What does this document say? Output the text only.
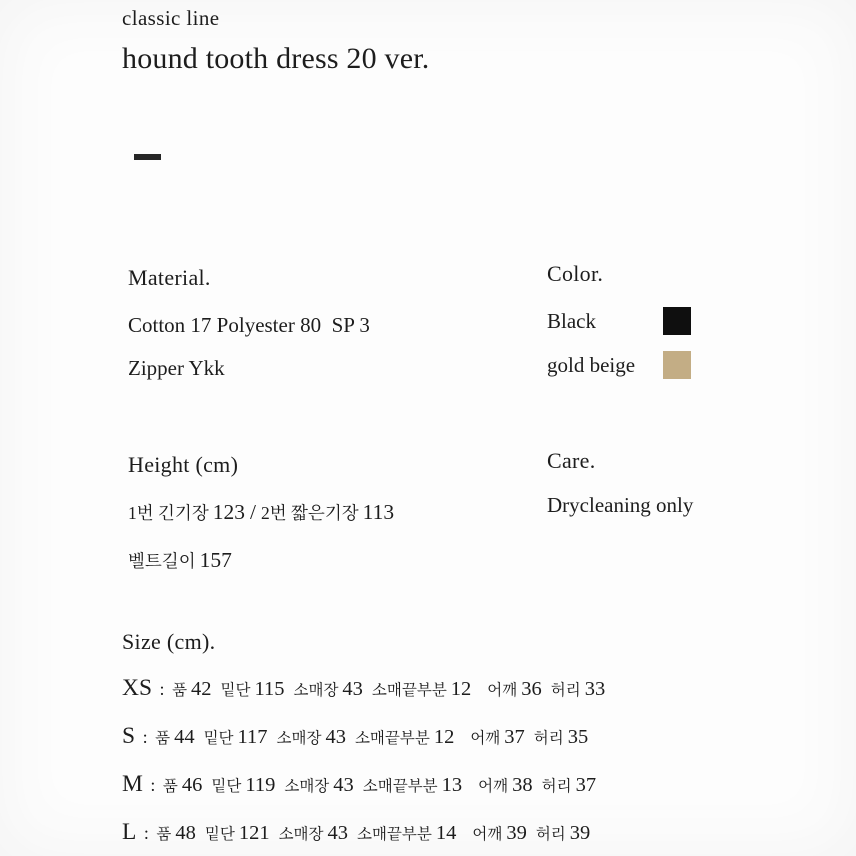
classic line
hound tooth dress 20 ver.
Material.

Cotton 17 Polyester 80  SP 3

Zipper Ykk

Color.
Black
gold beige
Height (cm)
1번 긴기장 123 / 2번 짧은기장 113
벨트길이 157
Care.

Drycleaning only

Size (cm).
XS : 품 42 밑단 115 소매장 43 소매끝부분 12 어깨 36 허리 33
S : 품 44 밑단 117 소매장 43 소매끝부분 12 어깨 37 허리 35
M : 품 46 밑단 119 소매장 43 소매끝부분 13 어깨 38 허리 37
L : 품 48 밑단 121 소매장 43 소매끝부분 14 어깨 39 허리 39
